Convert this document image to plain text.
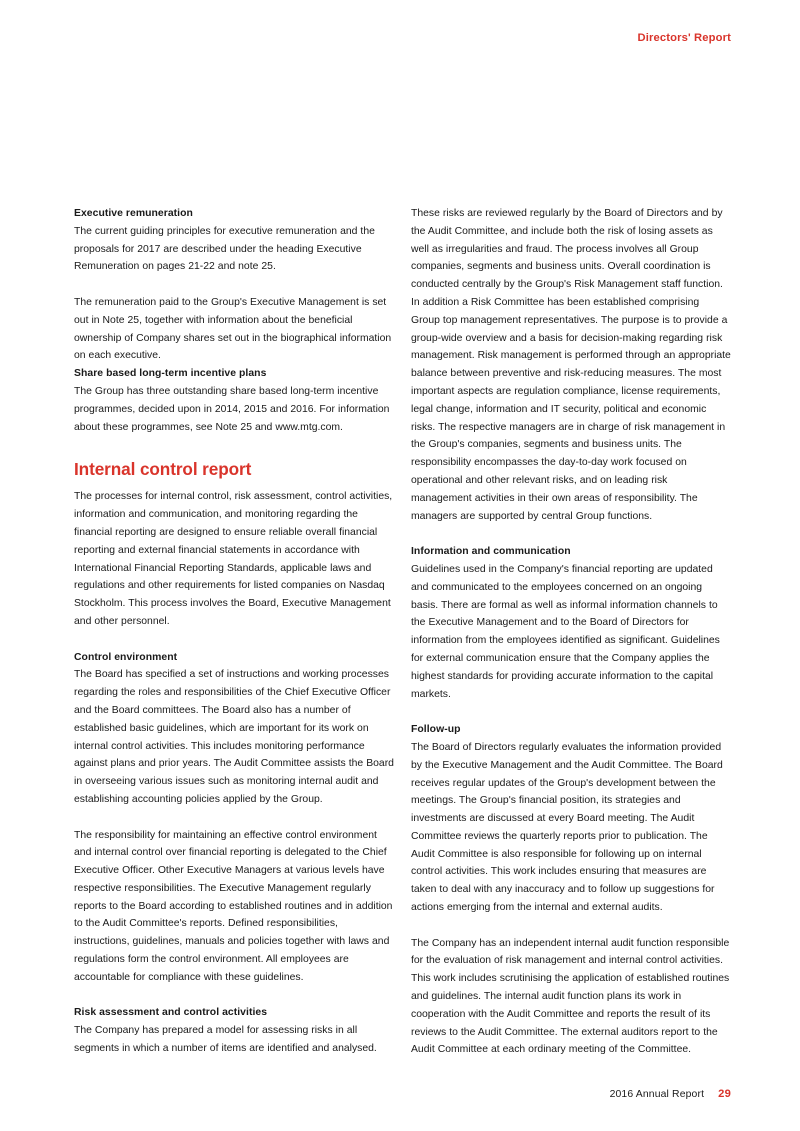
Directors' Report
Executive remuneration

The current guiding principles for executive remuneration and the proposals for 2017 are described under the heading Executive Remuneration on pages 21-22 and note 25.

The remuneration paid to the Group's Executive Management is set out in Note 25, together with information about the beneficial ownership of Company shares set out in the biographical information on each executive.

Share based long-term incentive plans

The Group has three outstanding share based long-term incentive programmes, decided upon in 2014, 2015 and 2016. For information about these programmes, see Note 25 and www.mtg.com.

Internal control report

The processes for internal control, risk assessment, control activities, information and communication, and monitoring regarding the financial reporting are designed to ensure reliable overall financial reporting and external financial statements in accordance with International Financial Reporting Standards, applicable laws and regulations and other requirements for listed companies on Nasdaq Stockholm. This process involves the Board, Executive Management and other personnel.

Control environment

The Board has specified a set of instructions and working processes regarding the roles and responsibilities of the Chief Executive Officer and the Board committees. The Board also has a number of established basic guidelines, which are important for its work on internal control activities. This includes monitoring performance against plans and prior years. The Audit Committee assists the Board in overseeing various issues such as monitoring internal audit and establishing accounting policies applied by the Group.

The responsibility for maintaining an effective control environment and internal control over financial reporting is delegated to the Chief Executive Officer. Other Executive Managers at various levels have respective responsibilities. The Executive Management regularly reports to the Board according to established routines and in addition to the Audit Committee's reports. Defined responsibilities, instructions, guidelines, manuals and policies together with laws and regulations form the control environment. All employees are accountable for compliance with these guidelines.

Risk assessment and control activities

The Company has prepared a model for assessing risks in all segments in which a number of items are identified and analysed.

These risks are reviewed regularly by the Board of Directors and by the Audit Committee, and include both the risk of losing assets as well as irregularities and fraud. The process involves all Group companies, segments and business units. Overall coordination is conducted centrally by the Group's Risk Management staff function. In addition a Risk Committee has been established comprising Group top management representatives. The purpose is to provide a group-wide overview and a basis for decision-making regarding risk management. Risk management is performed through an appropriate balance between preventive and risk-reducing measures. The most important aspects are regulation compliance, license requirements, legal change, information and IT security, political and economic risks. The respective managers are in charge of risk management in the Group's companies, segments and business units. The responsibility encompasses the day-to-day work focused on operational and other relevant risks, and on leading risk management activities in their own areas of responsibility. The managers are supported by central Group functions.

Information and communication

Guidelines used in the Company's financial reporting are updated and communicated to the employees concerned on an ongoing basis. There are formal as well as informal information channels to the Executive Management and to the Board of Directors for information from the employees identified as significant. Guidelines for external communication ensure that the Company applies the highest standards for providing accurate information to the capital markets.

Follow-up

The Board of Directors regularly evaluates the information provided by the Executive Management and the Audit Committee. The Board receives regular updates of the Group's development between the meetings. The Group's financial position, its strategies and investments are discussed at every Board meeting. The Audit Committee reviews the quarterly reports prior to publication. The Audit Committee is also responsible for following up on internal control activities. This work includes ensuring that measures are taken to deal with any inaccuracy and to follow up suggestions for actions emerging from the internal and external audits.

The Company has an independent internal audit function responsible for the evaluation of risk management and internal control activities. This work includes scrutinising the application of established routines and guidelines. The internal audit function plans its work in cooperation with the Audit Committee and reports the result of its reviews to the Audit Committee. The external auditors report to the Audit Committee at each ordinary meeting of the Committee.

2016 Annual Report 29
